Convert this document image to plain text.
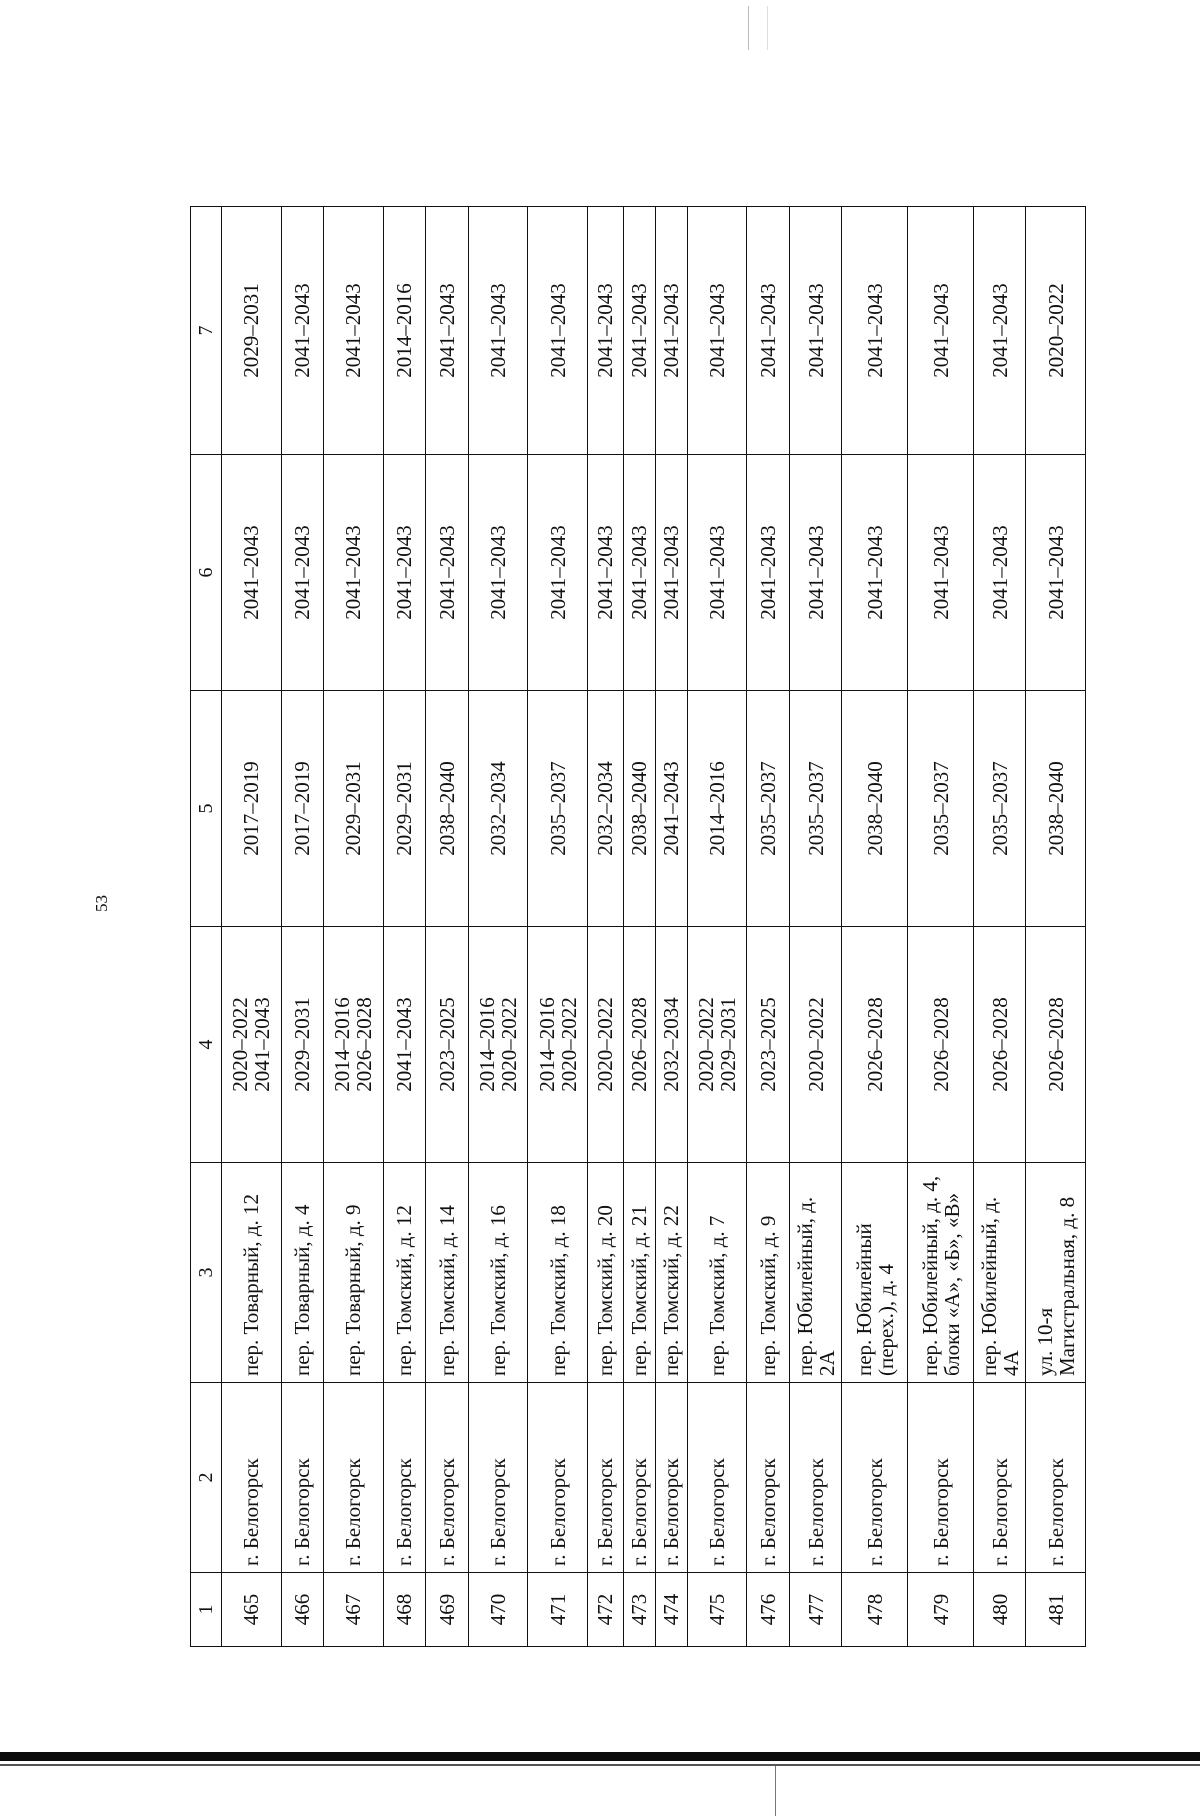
53
1	2	3	4	5	6	7
465	г. Белогорск	пер. Товарный, д. 12	2020–2022
2041–2043	2017–2019	2041–2043	2029–2031
466	г. Белогорск	пер. Товарный, д. 4	2029–2031	2017–2019	2041–2043	2041–2043
467	г. Белогорск	пер. Товарный, д. 9	2014–2016
2026–2028	2029–2031	2041–2043	2041–2043
468	г. Белогорск	пер. Томский, д. 12	2041–2043	2029–2031	2041–2043	2014–2016
469	г. Белогорск	пер. Томский, д. 14	2023–2025	2038–2040	2041–2043	2041–2043
470	г. Белогорск	пер. Томский, д. 16	2014–2016
2020–2022	2032–2034	2041–2043	2041–2043
471	г. Белогорск	пер. Томский, д. 18	2014–2016
2020–2022	2035–2037	2041–2043	2041–2043
472	г. Белогорск	пер. Томский, д. 20	2020–2022	2032–2034	2041–2043	2041–2043
473	г. Белогорск	пер. Томский, д. 21	2026–2028	2038–2040	2041–2043	2041–2043
474	г. Белогорск	пер. Томский, д. 22	2032–2034	2041–2043	2041–2043	2041–2043
475	г. Белогорск	пер. Томский, д. 7	2020–2022
2029–2031	2014–2016	2041–2043	2041–2043
476	г. Белогорск	пер. Томский, д. 9	2023–2025	2035–2037	2041–2043	2041–2043
477	г. Белогорск	пер. Юбилейный, д. 2А	2020–2022	2035–2037	2041–2043	2041–2043
478	г. Белогорск	пер. Юбилейный
(перех.), д. 4	2026–2028	2038–2040	2041–2043	2041–2043
479	г. Белогорск	пер. Юбилейный, д. 4,
блоки «А», «Б», «В»	2026–2028	2035–2037	2041–2043	2041–2043
480	г. Белогорск	пер. Юбилейный, д. 4А	2026–2028	2035–2037	2041–2043	2041–2043
481	г. Белогорск	ул. 10-я
Магистральная, д. 8	2026–2028	2038–2040	2041–2043	2020–2022
